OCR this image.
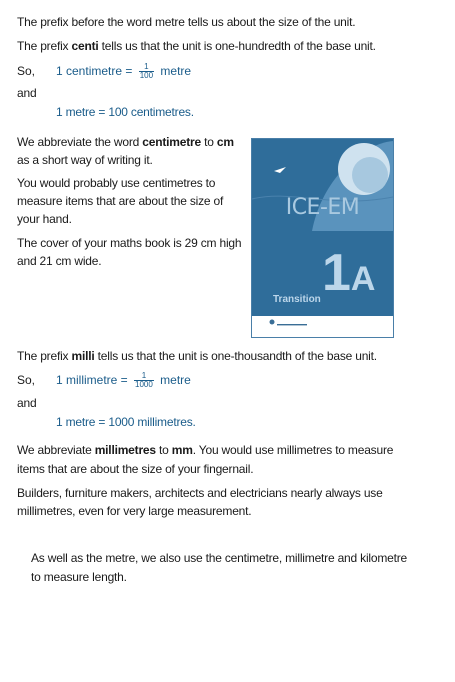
The prefix before the word metre tells us about the size of the unit.

The prefix centi tells us that the unit is one-hundredth of the base unit.

So, 1 centimetre = $\frac{1}{100}$ metre

and

1 metre = 100 centimetres.

We abbreviate the word centimetre to cm

as a short way of writing it.

You would probably use centimetres to

measure items that are about the size of

your hand.

The cover of your maths book is 29 cm high

and 21 cm wide.

ICE-EM
1A
Transition

The prefix milli tells us that the unit is one-thousandth of the base unit.

So, 1 millimetre = $\frac{1}{1000}$ metre

and

1 metre = 1000 millimetres.

We abbreviate millimetres to mm. You would use millimetres to measure

items that are about the size of your fingernail.

Builders, furniture makers, architects and electricians nearly always use

millimetres, even for very large measurement.

As well as the metre, we also use the centimetre, millimetre and kilometre

to measure length.
